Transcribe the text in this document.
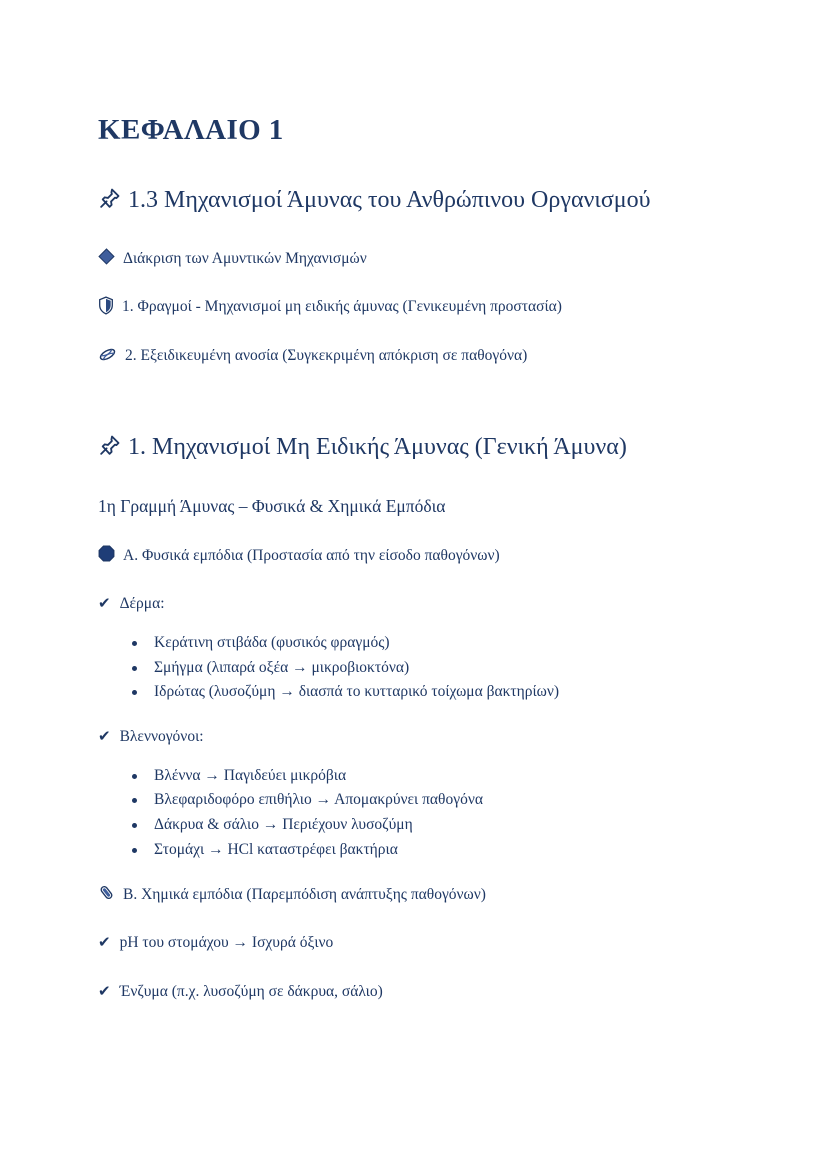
ΚΕΦΑΛΑΙΟ 1
1.3 Μηχανισμοί Άμυνας του Ανθρώπινου Οργανισμού
Διάκριση των Αμυντικών Μηχανισμών
1. Φραγμοί - Μηχανισμοί μη ειδικής άμυνας (Γενικευμένη προστασία)
2. Εξειδικευμένη ανοσία (Συγκεκριμένη απόκριση σε παθογόνα)
1. Μηχανισμοί Μη Ειδικής Άμυνας (Γενική Άμυνα)

1η Γραμμή Άμυνας – Φυσικά & Χημικά Εμπόδια

Α. Φυσικά εμπόδια (Προστασία από την είσοδο παθογόνων)
✔ Δέρμα:
Κεράτινη στιβάδα (φυσικός φραγμός)
Σμήγμα (λιπαρά οξέα → μικροβιοκτόνα)
Ιδρώτας (λυσοζύμη → διασπά το κυτταρικό τοίχωμα βακτηρίων)
✔ Βλεννογόνοι:
Βλέννα → Παγιδεύει μικρόβια
Βλεφαριδοφόρο επιθήλιο → Απομακρύνει παθογόνα
Δάκρυα & σάλιο → Περιέχουν λυσοζύμη
Στομάχι → HCl καταστρέφει βακτήρια
Β. Χημικά εμπόδια (Παρεμπόδιση ανάπτυξης παθογόνων)
✔ pH του στομάχου → Ισχυρά όξινο
✔ Ένζυμα (π.χ. λυσοζύμη σε δάκρυα, σάλιο)
